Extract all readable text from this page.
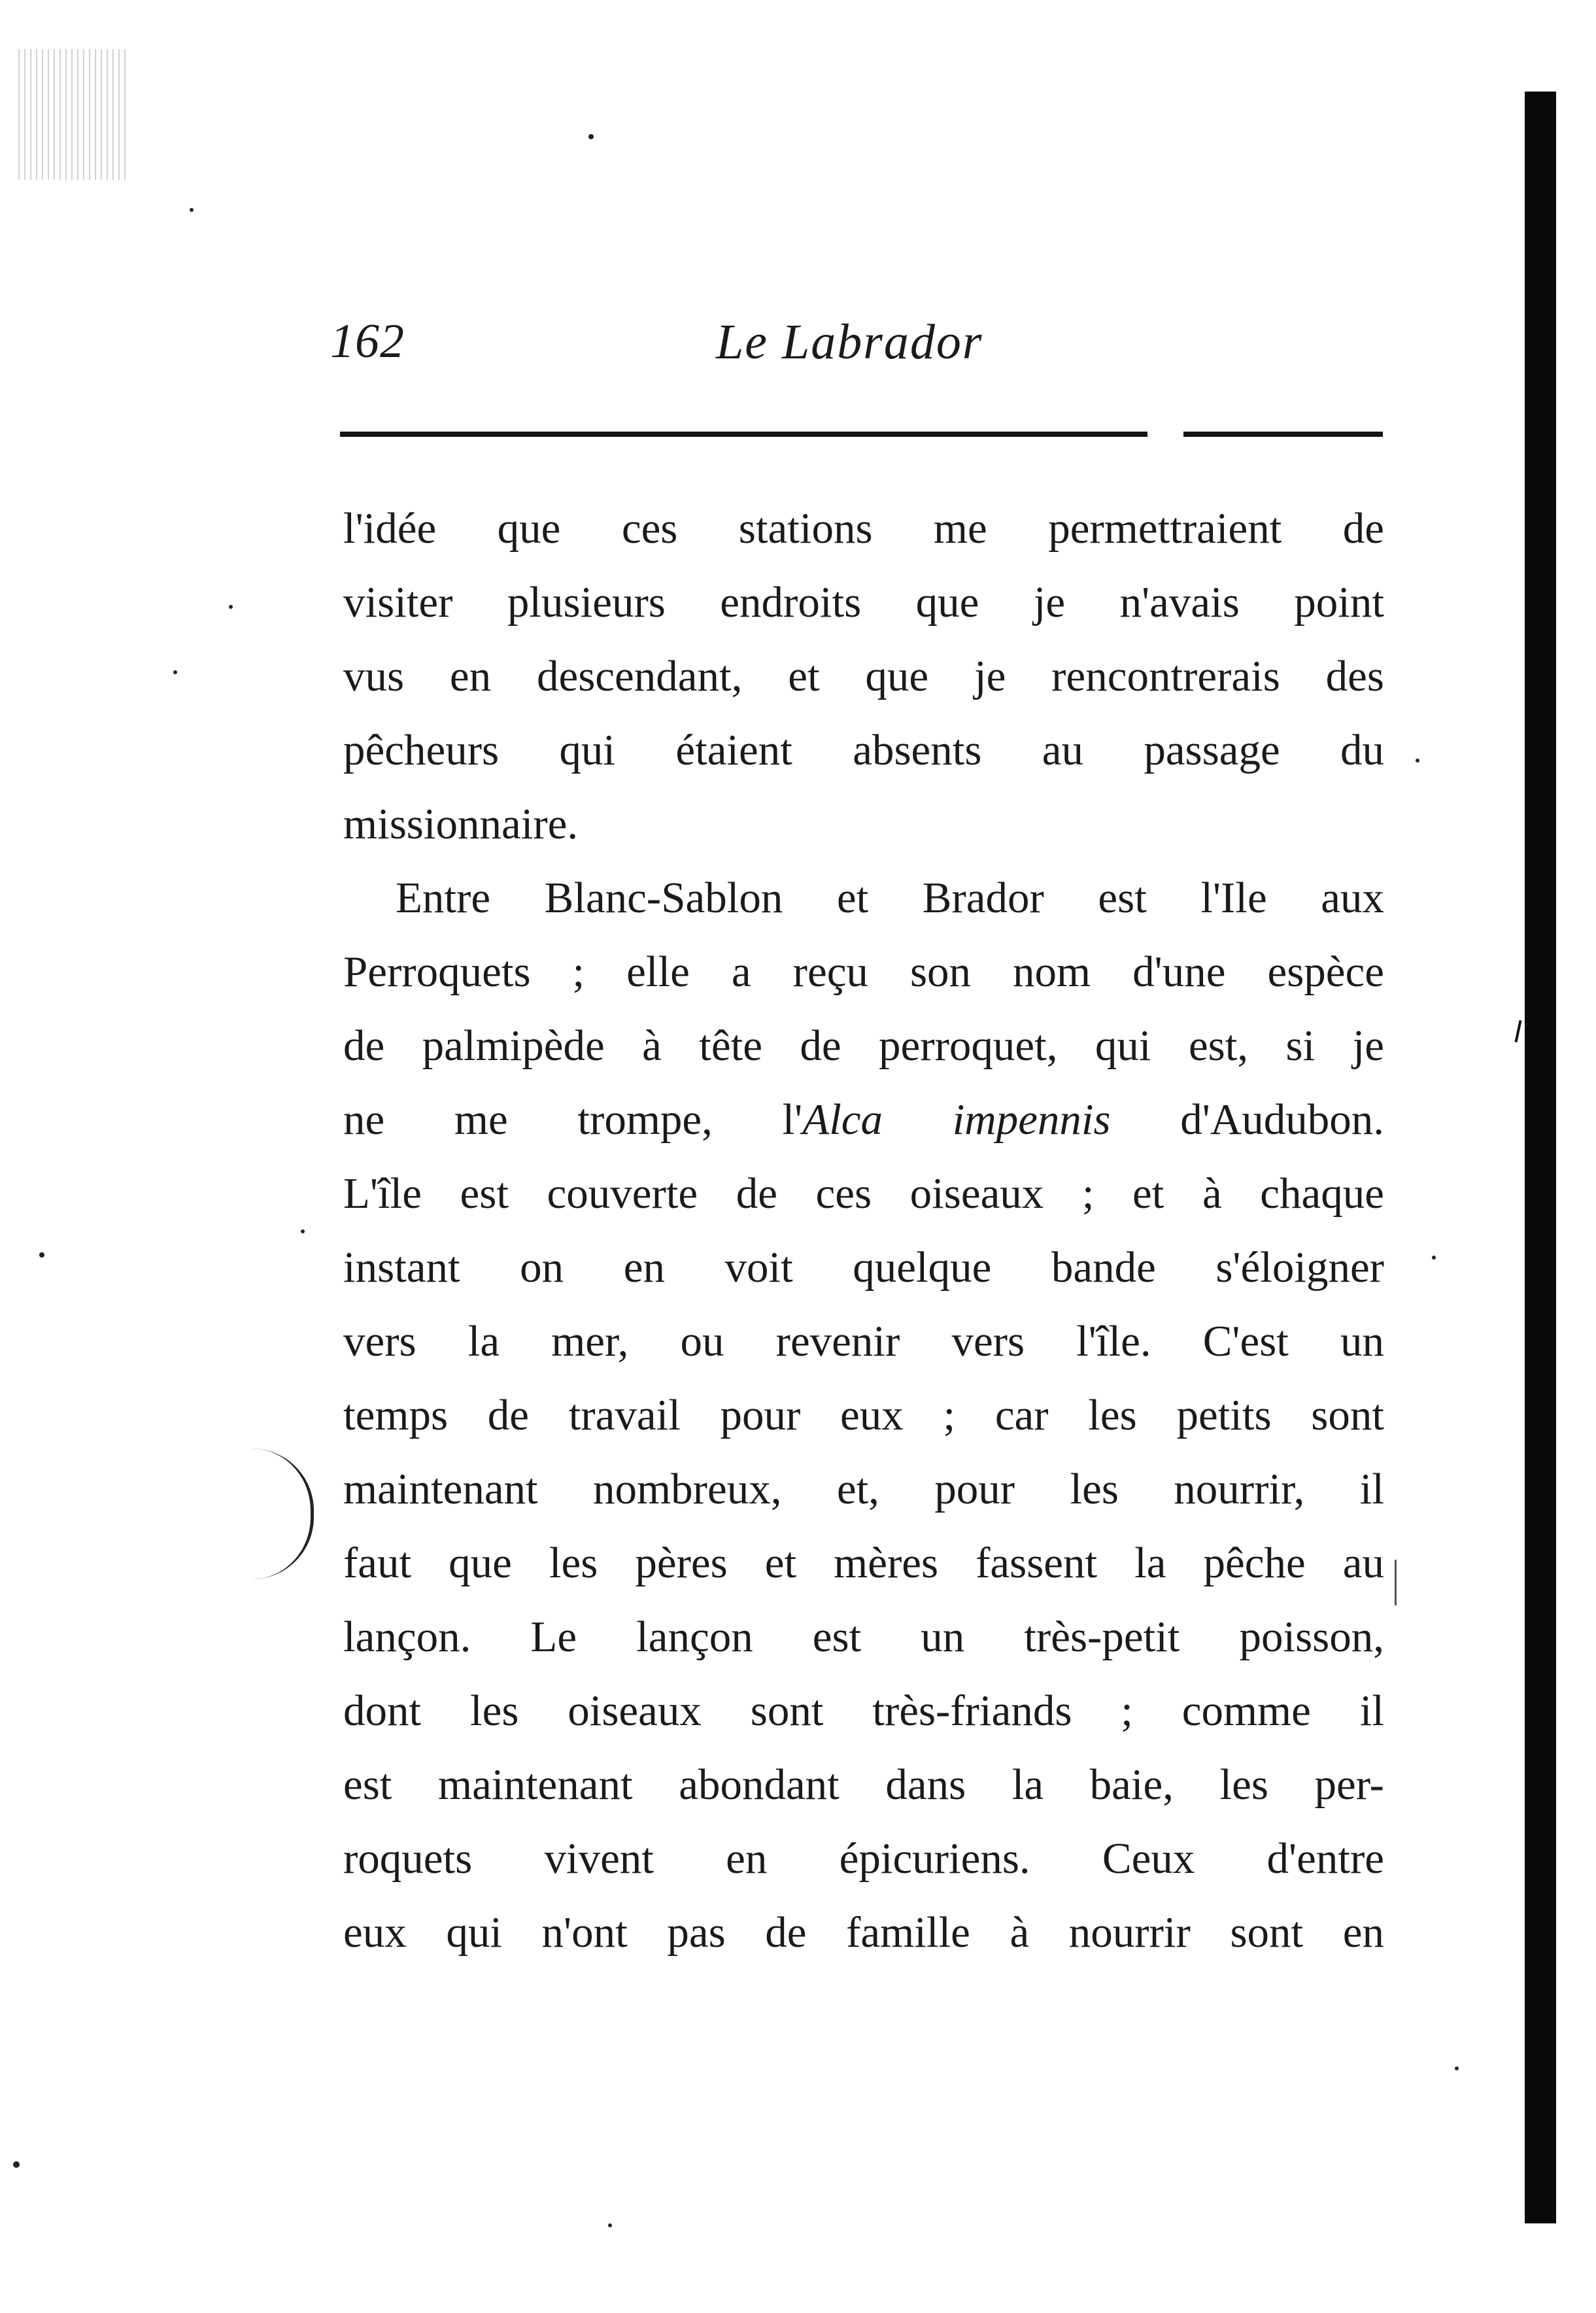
162	Le Labrador

l'idée que ces stations me permettraient de
visiter plusieurs endroits que je n'avais point
vus en descendant, et que je rencontrerais des
pêcheurs qui étaient absents au passage du
missionnaire.

Entre Blanc-Sablon et Brador est l'Ile aux
Perroquets ; elle a reçu son nom d'une espèce
de palmipède à tête de perroquet, qui est, si je
ne me trompe, l'Alca impennis d'Audubon.
L'île est couverte de ces oiseaux ; et à chaque
instant on en voit quelque bande s'éloigner
vers la mer, ou revenir vers l'île. C'est un
temps de travail pour eux ; car les petits sont
maintenant nombreux, et, pour les nourrir, il
faut que les pères et mères fassent la pêche au
lançon. Le lançon est un très-petit poisson,
dont les oiseaux sont très-friands ; comme il
est maintenant abondant dans la baie, les per-
roquets vivent en épicuriens. Ceux d'entre
eux qui n'ont pas de famille à nourrir sont en
